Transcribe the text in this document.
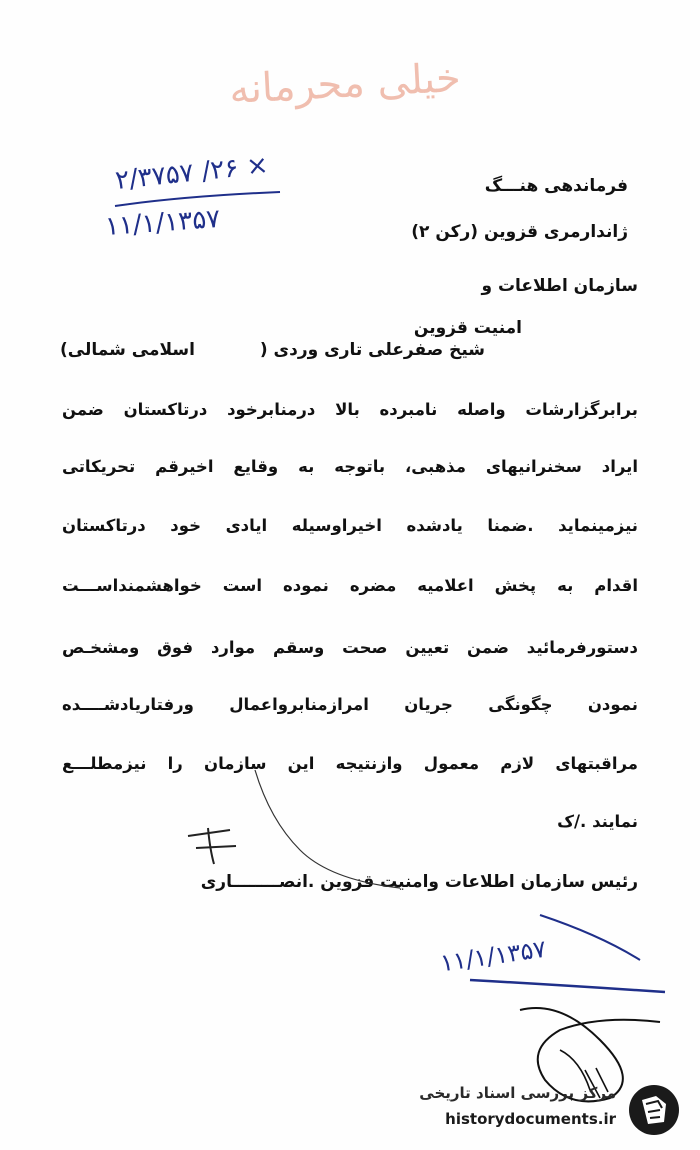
خیلی محرمانه
۲/۳۷۵۷ /۲۶ ×
۱۱/۱/۱۳۵۷
فرماندهی هنـــگ
ژاندارمری قزوین (رکن ۲)
سازمان اطلاعات و
امنیت قزوین
شیخ صفرعلی تاری وردی (
اسلامی شمالی)
برابرگزارشات واصله نامبرده بالا درمنابرخود درتاکستان ضمن
ایراد سخنرانیهای مذهبی، باتوجه به وقایع اخیرقم تحریکاتی
نیزمینماید .ضمنا یادشده اخیراوسیله ایادی خود درتاکستان
اقدام به پخش اعلامیه مضره نموده است خواهشمنداســـت
دستورفرمائید ضمن تعیین صحت وسقم موارد فوق ومشخـص
نمودن چگونگی جریان امرازمنابرواعمال ورفتاریادشــــده
مراقبتهای لازم معمول وازنتیجه این سازمان را نیزمطلـــع
نمایند ./ک
رئیس سازمان اطلاعات وامنیت قزوین .انصــــــــاری
۱۱/۱/۱۳۵۷
مرکز بررسی اسناد تاریخی
historydocuments.ir
